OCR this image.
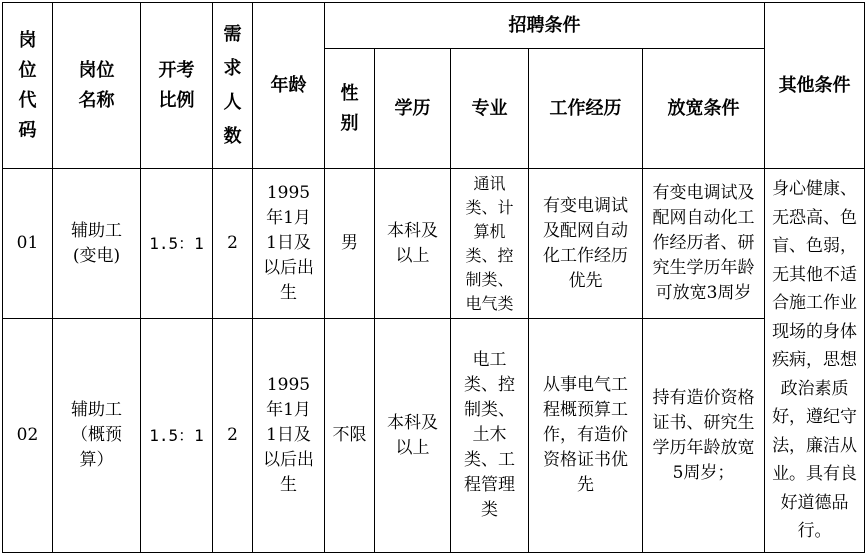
岗位代码	岗位名称	开考比例	需求人数	年龄	招聘条件					其他条件
					性别	学历	专业	工作经历	放宽条件	
01	辅助工(变电)	1.5：1	2	1995年1月1日及以后出生	男	本科及以上	通讯类、计算机类、控制类、电气类	有变电调试及配网自动化工作经历优先	有变电调试及配网自动化工作经历者、研究生学历年龄可放宽3周岁	身心健康、无恐高、色盲、色弱，无其他不适合施工作业现场的身体疾病，思想政治素质好，遵纪守法，廉洁从业。具有良好道德品行。
02	辅助工（概预算）	1.5：1	2	1995年1月1日及以后出生	不限	本科及以上	电工类、控制类、土木类、工程管理类	从事电气工程概预算工作，有造价资格证书优先	持有造价资格证书、研究生学历年龄放宽5周岁；	
